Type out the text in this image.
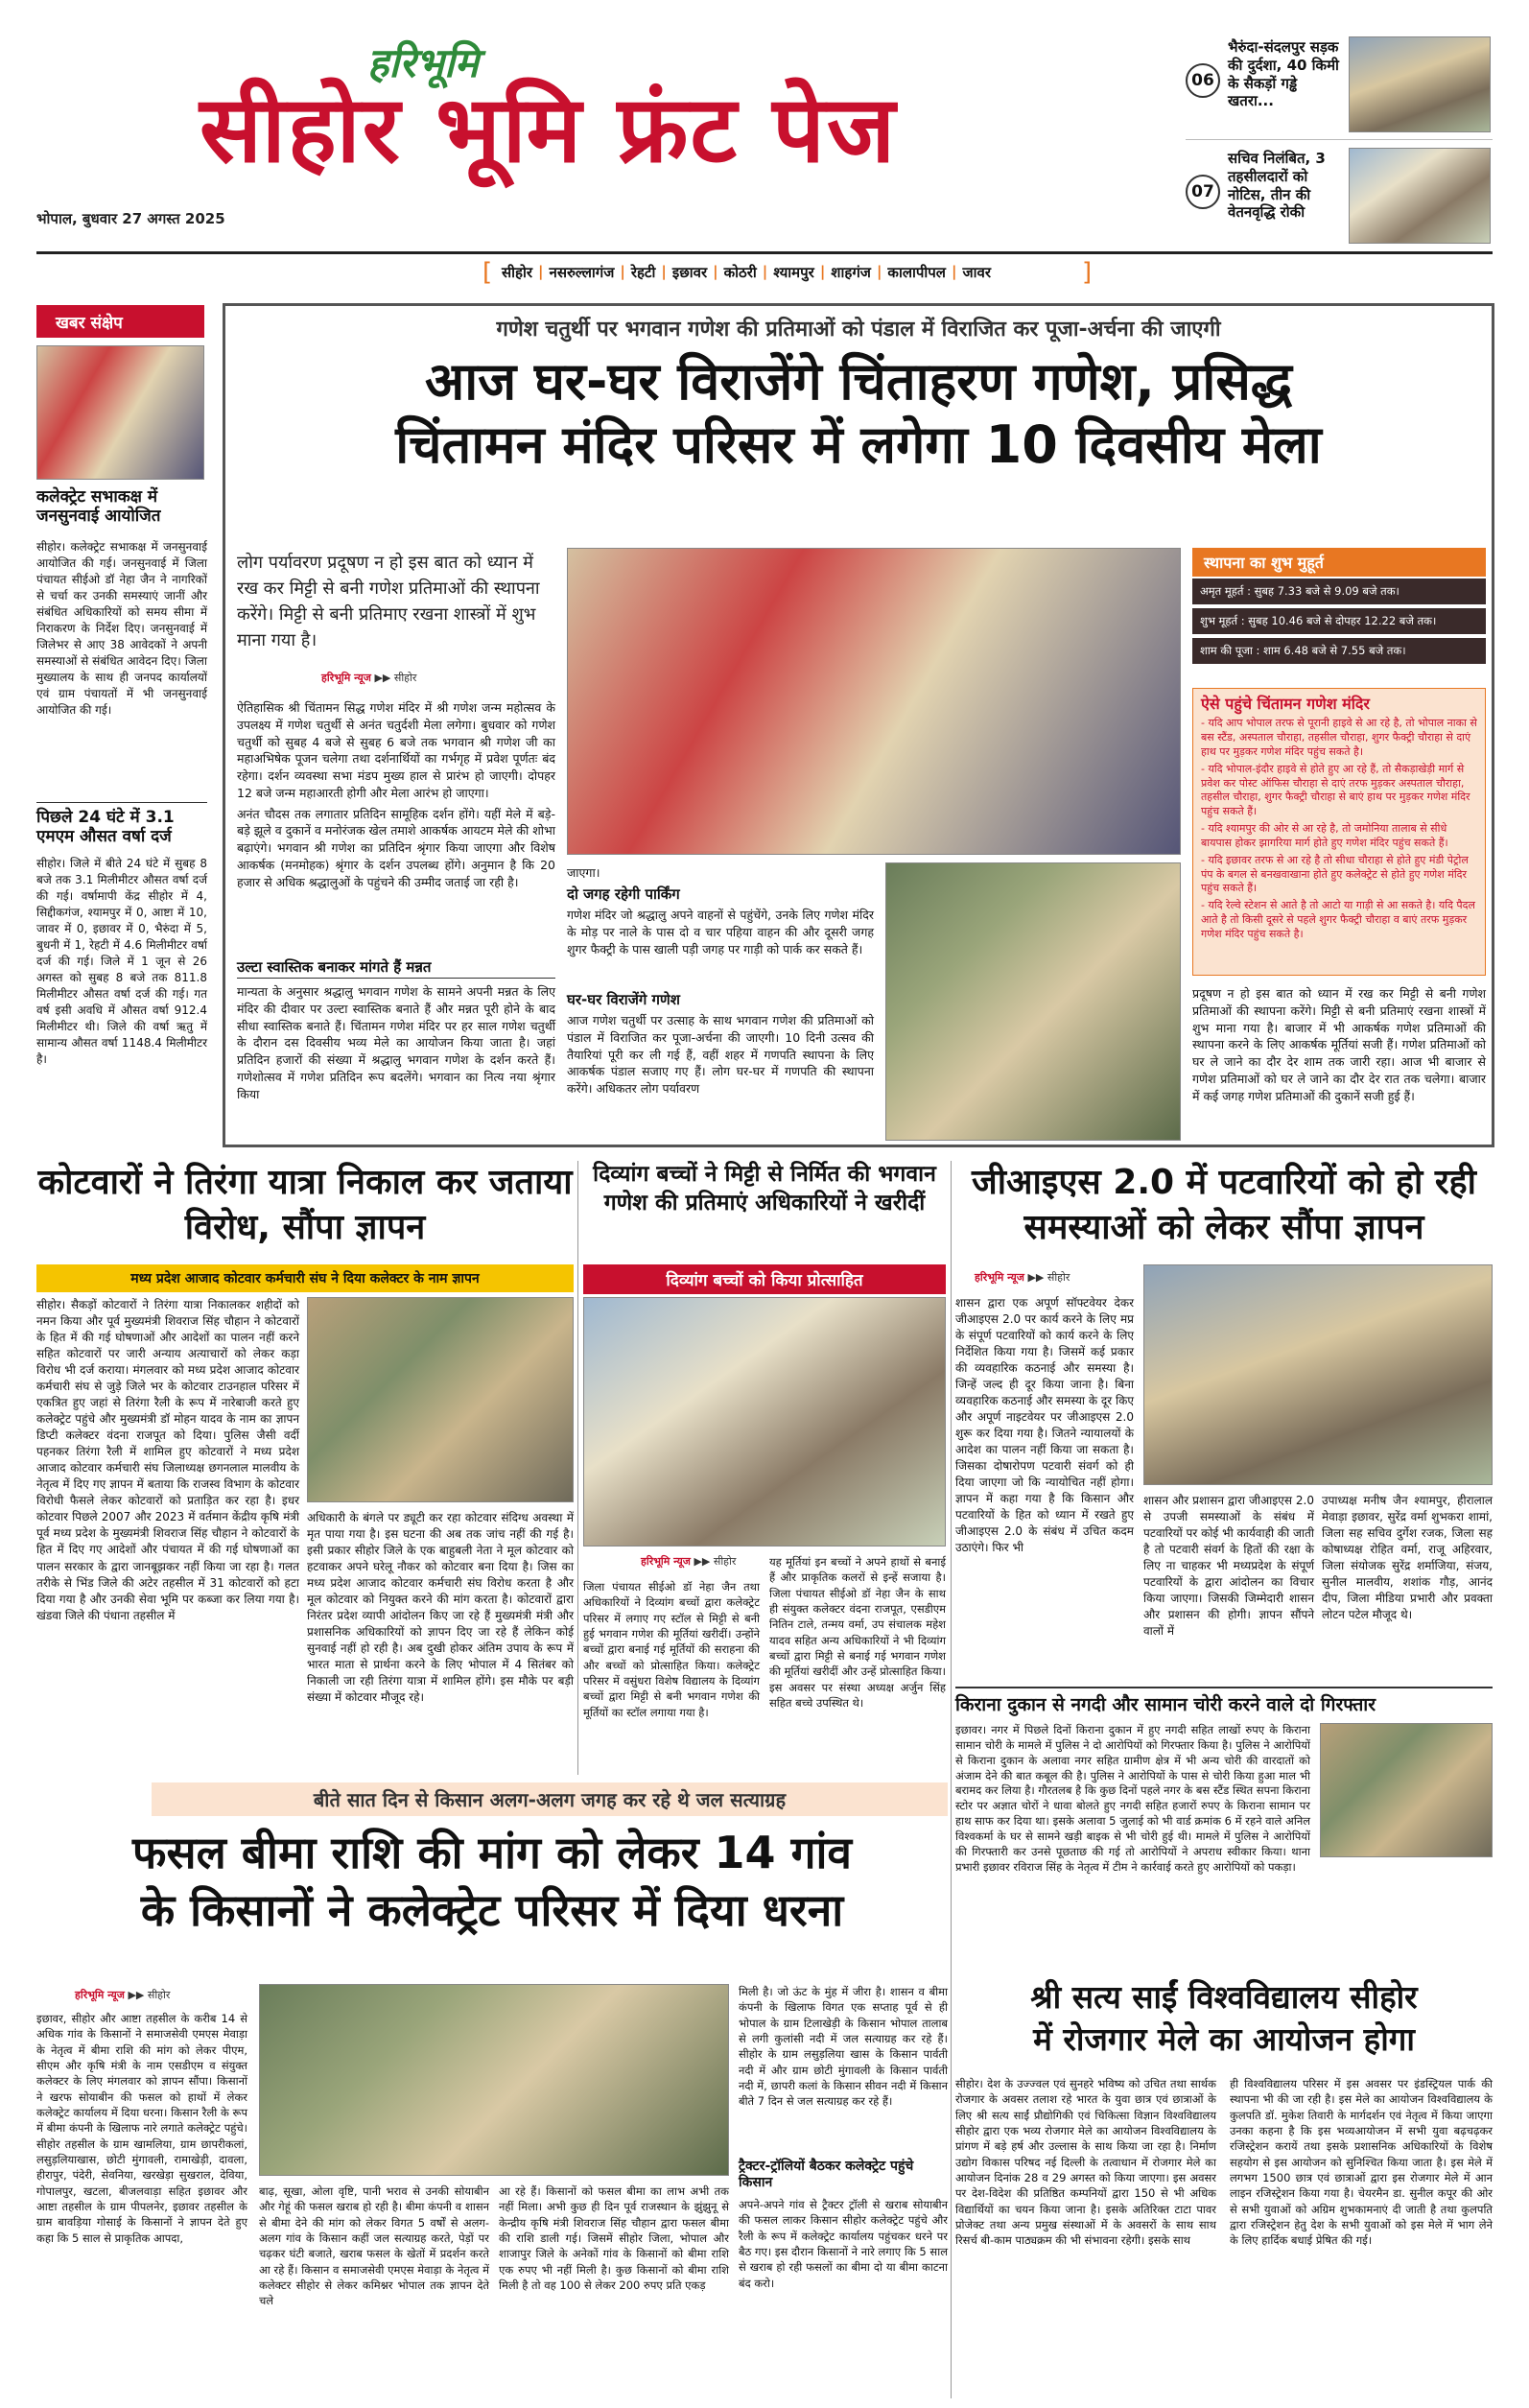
हरिभूमि
सीहोर भूमि फ्रंट पेज
भोपाल, बुधवार 27 अगस्त 2025
06
भैरुंदा-संदलपुर सड़क की दुर्दशा, 40 किमी के सैकड़ों गड्ढे खतरा...
07
सचिव निलंबित, 3 तहसीलदारों को नोटिस, तीन की वेतनवृद्धि रोकी
[ सीहोर | नसरुल्लागंज | रेहटी | इछावर | कोठरी | श्यामपुर | शाहगंज | कालापीपल | जावर	]
खबर संक्षेप
कलेक्ट्रेट सभाकक्ष में जनसुनवाई आयोजित
सीहोर। कलेक्ट्रेट सभाकक्ष में जनसुनवाई आयोजित की गई। जनसुनवाई में जिला पंचायत सीईओ डॉ नेहा जैन ने नागरिकों से चर्चा कर उनकी समस्याएं जानीं और संबंधित अधिकारियों को समय सीमा में निराकरण के निर्देश दिए। जनसुनवाई में जिलेभर से आए 38 आवेदकों ने अपनी समस्याओं से संबंधित आवेदन दिए। जिला मुख्यालय के साथ ही जनपद कार्यालयों एवं ग्राम पंचायतों में भी जनसुनवाई आयोजित की गई।
पिछले 24 घंटे में 3.1 एमएम औसत वर्षा दर्ज
सीहोर। जिले में बीते 24 घंटे में सुबह 8 बजे तक 3.1 मिलीमीटर औसत वर्षा दर्ज की गई। वर्षामापी केंद्र सीहोर में 4, सिद्दीकगंज, श्यामपुर में 0, आष्टा में 10, जावर में 0, इछावर में 0, भैरुंदा में 5, बुधनी में 1, रेहटी में 4.6 मिलीमीटर वर्षा दर्ज की गई। जिले में 1 जून से 26 अगस्त को सुबह 8 बजे तक 811.8 मिलीमीटर औसत वर्षा दर्ज की गई। गत वर्ष इसी अवधि में औसत वर्षा 912.4 मिलीमीटर थी। जिले की वर्षा ऋतु में सामान्य औसत वर्षा 1148.4 मिलीमीटर है।
गणेश चतुर्थी पर भगवान गणेश की प्रतिमाओं को पंडाल में विराजित कर पूजा-अर्चना की जाएगी
आज घर-घर विराजेंगे चिंताहरण गणेश, प्रसिद्ध
चिंतामन मंदिर परिसर में लगेगा 10 दिवसीय मेला
लोग पर्यावरण प्रदूषण न हो इस बात को ध्यान में रख कर मिट्टी से बनी गणेश प्रतिमाओं की स्थापना करेंगे। मिट्टी से बनी प्रतिमाए रखना शास्त्रों में शुभ माना गया है।
हरिभूमि न्यूज ▶▶ सीहोर

ऐतिहासिक श्री चिंतामन सिद्ध गणेश मंदिर में श्री गणेश जन्म महोत्सव के उपलक्ष्य में गणेश चतुर्थी से अनंत चतुर्दशी मेला लगेगा। बुधवार को गणेश चतुर्थी को सुबह 4 बजे से सुबह 6 बजे तक भगवान श्री गणेश जी का महाअभिषेक पूजन चलेगा तथा दर्शनार्थियों का गर्भगृह में प्रवेश पूर्णतः बंद रहेगा। दर्शन व्यवस्था सभा मंडप मुख्य हाल से प्रारंभ हो जाएगी। दोपहर 12 बजे जन्म महाआरती होगी और मेला आरंभ हो जाएगा।

अनंत चौदस तक लगातार प्रतिदिन सामूहिक दर्शन होंगे। यहीं मेले में बड़े-बड़े झूले व दुकानें व मनोरंजक खेल तमाशे आकर्षक आयटम मेले की शोभा बढ़ाएंगे। भगवान श्री गणेश का प्रतिदिन श्रृंगार किया जाएगा और विशेष आकर्षक (मनमोहक) श्रृंगार के दर्शन उपलब्ध होंगे। अनुमान है कि 20 हजार से अधिक श्रद्धालुओं के पहुंचने की उम्मीद जताई जा रही है।

उल्टा स्वास्तिक बनाकर मांगते हैं मन्नत
मान्यता के अनुसार श्रद्धालु भगवान गणेश के सामने अपनी मन्नत के लिए मंदिर की दीवार पर उल्टा स्वास्तिक बनाते हैं और मन्नत पूरी होने के बाद सीधा स्वास्तिक बनाते हैं। चिंतामन गणेश मंदिर पर हर साल गणेश चतुर्थी के दौरान दस दिवसीय भव्य मेले का आयोजन किया जाता है। जहां प्रतिदिन हजारों की संख्या में श्रद्धालु भगवान गणेश के दर्शन करते हैं। गणेशोत्सव में गणेश प्रतिदिन रूप बदलेंगे। भगवान का नित्य नया श्रृंगार किया
जाएगा।
दो जगह रहेगी पार्किंग
गणेश मंदिर जो श्रद्धालु अपने वाहनों से पहुंचेंगे, उनके लिए गणेश मंदिर के मोड़ पर नाले के पास दो व चार पहिया वाहन की और दूसरी जगह शुगर फैक्ट्री के पास खाली पड़ी जगह पर गाड़ी को पार्क कर सकते हैं।
घर-घर विराजेंगे गणेश
आज गणेश चतुर्थी पर उत्साह के साथ भगवान गणेश की प्रतिमाओं को पंडाल में विराजित कर पूजा-अर्चना की जाएगी। 10 दिनी उत्सव की तैयारियां पूरी कर ली गई हैं, वहीं शहर में गणपति स्थापना के लिए आकर्षक पंडाल सजाए गए हैं। लोग घर-घर में गणपति की स्थापना करेंगे। अधिकतर लोग पर्यावरण
स्थापना का शुभ मुहूर्त
अमृत मूहर्त : सुबह 7.33 बजे से 9.09 बजे तक।
शुभ मूहर्त : सुबह 10.46 बजे से दोपहर 12.22 बजे तक।
शाम की पूजा : शाम 6.48 बजे से 7.55 बजे तक।
ऐसे पहुंचे चिंतामन गणेश मंदिर
- यदि आप भोपाल तरफ से पूरानी हाइवे से आ रहे है, तो भोपाल नाका से बस स्टैंड, अस्पताल चौराहा, तहसील चौराहा, शुगर फैक्ट्री चौराहा से दाएं हाथ पर मुड़कर गणेश मंदिर पहुंच सकते है।
- यदि भोपाल-इंदौर हाइवे से होते हुए आ रहे हैं, तो सैकड़ाखेड़ी मार्ग से प्रवेश कर पोस्ट ऑफिस चौराहा से दाएं तरफ मुड़कर अस्पताल चौराहा, तहसील चौराहा, शुगर फैक्ट्री चौराहा से बाएं हाथ पर मुड़कर गणेश मंदिर पहुंच सकते हैं।
- यदि श्यामपुर की ओर से आ रहे है, तो जमोनिया तालाब से सीधे बायपास होकर झागरिया मार्ग होते हुए गणेश मंदिर पहुंच सकते हैं।
- यदि इछावर तरफ से आ रहे है तो सीधा चौराहा से होते हुए मंडी पेट्रोल पंप के बगल से बनखवाखाना होते हुए कलेक्ट्रेट से होते हुए गणेश मंदिर पहुंच सकते हैं।
- यदि रेल्वे स्टेशन से आते है तो आटो या गाड़ी से आ सकते है। यदि पैदल आते है तो किसी दूसरे से पहले शुगर फैक्ट्री चौराहा व बाएं तरफ मुड़कर गणेश मंदिर पहुंच सकते है।
प्रदूषण न हो इस बात को ध्यान में रख कर मिट्टी से बनी गणेश प्रतिमाओं की स्थापना करेंगे। मिट्टी से बनी प्रतिमाएं रखना शास्त्रों में शुभ माना गया है। बाजार में भी आकर्षक गणेश प्रतिमाओं की स्थापना करने के लिए आकर्षक मूर्तियां सजी हैं। गणेश प्रतिमाओं को घर ले जाने का दौर देर शाम तक जारी रहा। आज भी बाजार से गणेश प्रतिमाओं को घर ले जाने का दौर देर रात तक चलेगा। बाजार में कई जगह गणेश प्रतिमाओं की दुकानें सजी हुई हैं।
कोटवारों ने तिरंगा यात्रा निकाल कर जताया विरोध, सौंपा ज्ञापन
मध्य प्रदेश आजाद कोटवार कर्मचारी संघ ने दिया कलेक्टर के नाम ज्ञापन
सीहोर। सैकड़ों कोटवारों ने तिरंगा यात्रा निकालकर शहीदों को नमन किया और पूर्व मुख्यमंत्री शिवराज सिंह चौहान ने कोटवारों के हित में की गई घोषणाओं और आदेशों का पालन नहीं करने सहित कोटवारों पर जारी अन्याय अत्याचारों को लेकर कड़ा विरोध भी दर्ज कराया। मंगलवार को मध्य प्रदेश आजाद कोटवार कर्मचारी संघ से जुड़े जिले भर के कोटवार टाउनहाल परिसर में एकत्रित हुए जहां से तिरंगा रैली के रूप में नारेबाजी करते हुए कलेक्ट्रेट पहुंचे और मुख्यमंत्री डॉ मोहन यादव के नाम का ज्ञापन डिप्टी कलेक्टर वंदना राजपूत को दिया। पुलिस जैसी वर्दी पहनकर तिरंगा रैली में शामिल हुए कोटवारों ने मध्य प्रदेश आजाद कोटवार कर्मचारी संघ जिलाध्यक्ष छगनलाल मालवीय के नेतृत्व में दिए गए ज्ञापन में बताया कि राजस्व विभाग के कोटवार विरोधी फैसले लेकर कोटवारों को प्रताड़ित कर रहा है। इधर कोटवार पिछले 2007 और 2023 में वर्तमान केंद्रीय कृषि मंत्री पूर्व मध्य प्रदेश के मुख्यमंत्री शिवराज सिंह चौहान ने कोटवारों के हित में दिए गए आदेशों और पंचायत में की गई घोषणाओं का पालन सरकार के द्वारा जानबूझकर नहीं किया जा रहा है। गलत तरीके से भिंड जिले की अटेर तहसील में 31 कोटवारों को हटा दिया गया है और उनकी सेवा भूमि पर कब्जा कर लिया गया है। खंडवा जिले की पंधाना तहसील में
अधिकारी के बंगले पर ड्यूटी कर रहा कोटवार संदिग्ध अवस्था में मृत पाया गया है। इस घटना की अब तक जांच नहीं की गई है। इसी प्रकार सीहोर जिले के एक बाहुबली नेता ने मूल कोटवार को हटवाकर अपने घरेलू नौकर को कोटवार बना दिया है। जिस का मध्य प्रदेश आजाद कोटवार कर्मचारी संघ विरोध करता है और मूल कोटवार को नियुक्त करने की मांग करता है। कोटवारों द्वारा निरंतर प्रदेश व्यापी आंदोलन किए जा रहे हैं मुख्यमंत्री मंत्री और प्रशासनिक अधिकारियों को ज्ञापन दिए जा रहे हैं लेकिन कोई सुनवाई नहीं हो रही है। अब दुखी होकर अंतिम उपाय के रूप में भारत माता से प्रार्थना करने के लिए भोपाल में 4 सितंबर को निकाली जा रही तिरंगा यात्रा में शामिल होंगे। इस मौके पर बड़ी संख्या में कोटवार मौजूद रहे।
दिव्यांग बच्चों ने मिट्टी से निर्मित की भगवान गणेश की प्रतिमाएं अधिकारियों ने खरीदीं
दिव्यांग बच्चों को किया प्रोत्साहित
हरिभूमि न्यूज ▶▶ सीहोर
जिला पंचायत सीईओ डॉ नेहा जैन तथा अधिकारियों ने दिव्यांग बच्चों द्वारा कलेक्ट्रेट परिसर में लगाए गए स्टॉल से मिट्टी से बनी हुई भगवान गणेश की मूर्तियां खरीदीं। उन्होंने बच्चों द्वारा बनाई गई मूर्तियों की सराहना की और बच्चों को प्रोत्साहित किया। कलेक्ट्रेट परिसर में वसुंधरा विशेष विद्यालय के दिव्यांग बच्चों द्वारा मिट्टी से बनी भगवान गणेश की मूर्तियों का स्टॉल लगाया गया है।
यह मूर्तियां इन बच्चों ने अपने हाथों से बनाई हैं और प्राकृतिक कलरों से इन्हें सजाया है। जिला पंचायत सीईओ डॉ नेहा जैन के साथ ही संयुक्त कलेक्टर वंदना राजपूत, एसडीएम नितिन टाले, तन्मय वर्मा, उप संचालक महेश यादव सहित अन्य अधिकारियों ने भी दिव्यांग बच्चों द्वारा मिट्टी से बनाई गई भगवान गणेश की मूर्तियां खरीदीं और उन्हें प्रोत्साहित किया। इस अवसर पर संस्था अध्यक्ष अर्जुन सिंह सहित बच्चे उपस्थित थे।
जीआइएस 2.0 में पटवारियों को हो रही समस्याओं को लेकर सौंपा ज्ञापन
हरिभूमि न्यूज ▶▶ सीहोर
शासन द्वारा एक अपूर्ण सॉफ्टवेयर देकर जीआइएस 2.0 पर कार्य करने के लिए मप्र के संपूर्ण पटवारियों को कार्य करने के लिए निर्देशित किया गया है। जिसमें कई प्रकार की व्यवहारिक कठनाई और समस्या है। जिन्हें जल्द ही दूर किया जाना है। बिना व्यवहारिक कठनाई और समस्या के दूर किए और अपूर्ण नाइटवेयर पर जीआइएस 2.0 शुरू कर दिया गया है। जितने न्यायालयों के आदेश का पालन नहीं किया जा सकता है। जिसका दोषारोपण पटवारी संवर्ग को ही दिया जाएगा जो कि न्यायोचित नहीं होगा। ज्ञापन में कहा गया है कि किसान और पटवारियों के हित को ध्यान में रखते हुए जीआइएस 2.0 के संबंध में उचित कदम उठाएंगे। फिर भी
शासन और प्रशासन द्वारा जीआइएस 2.0 से उपजी समस्याओं के संबंध में पटवारियों पर कोई भी कार्यवाही की जाती है तो पटवारी संवर्ग के हितों की रक्षा के लिए ना चाहकर भी मध्यप्रदेश के संपूर्ण पटवारियों के द्वारा आंदोलन का विचार किया जाएगा। जिसकी जिम्मेदारी शासन और प्रशासन की होगी। ज्ञापन सौंपने वालों में
उपाध्यक्ष मनीष जैन श्यामपुर, हीरालाल मेवाड़ा इछावर, सुरेंद्र वर्मा शुभकरा शामां, जिला सह सचिव दुर्गेश रजक, जिला सह कोषाध्यक्ष रोहित वर्मा, राजू अहिरवार, जिला संयोजक सुरेंद्र शर्माजिया, संजय, सुनील मालवीय, शशांक गौड़, आनंद दीप, जिला मीडिया प्रभारी और प्रवक्ता लोटन पटेल मौजूद थे।
किराना दुकान से नगदी और सामान चोरी करने वाले दो गिरफ्तार
इछावर। नगर में पिछले दिनों किराना दुकान में हुए नगदी सहित लाखों रुपए के किराना सामान चोरी के मामले में पुलिस ने दो आरोपियों को गिरफ्तार किया है। पुलिस ने आरोपियों से किराना दुकान के अलावा नगर सहित ग्रामीण क्षेत्र में भी अन्य चोरी की वारदातों को अंजाम देने की बात कबूल की है। पुलिस ने आरोपियों के पास से चोरी किया हुआ माल भी बरामद कर लिया है। गौरतलब है कि कुछ दिनों पहले नगर के बस स्टैंड स्थित सपना किराना स्टोर पर अज्ञात चोरों ने धावा बोलते हुए नगदी सहित हजारों रुपए के किराना सामान पर हाथ साफ कर दिया था। इसके अलावा 5 जुलाई को भी वार्ड क्रमांक 6 में रहने वाले अनिल विश्वकर्मा के घर से सामने खड़ी बाइक से भी चोरी हुई थी। मामले में पुलिस ने आरोपियों की गिरफ्तारी कर उनसे पूछताछ की गई तो आरोपियों ने अपराध स्वीकार किया। थाना प्रभारी इछावर रविराज सिंह के नेतृत्व में टीम ने कार्रवाई करते हुए आरोपियों को पकड़ा।
बीते सात दिन से किसान अलग-अलग जगह कर रहे थे जल सत्याग्रह
फसल बीमा राशि की मांग को लेकर 14 गांव
के किसानों ने कलेक्ट्रेट परिसर में दिया धरना
हरिभूमि न्यूज ▶▶ सीहोर
इछावर, सीहोर और आष्टा तहसील के करीब 14 से अधिक गांव के किसानों ने समाजसेवी एमएस मेवाड़ा के नेतृत्व में बीमा राशि की मांग को लेकर पीएम, सीएम और कृषि मंत्री के नाम एसडीएम व संयुक्त कलेक्टर के लिए मंगलवार को ज्ञापन सौंपा। किसानों ने खरफ सोयाबीन की फसल को हाथों में लेकर कलेक्ट्रेट कार्यालय में दिया धरना। किसान रैली के रूप में बीमा कंपनी के खिलाफ नारे लगाते कलेक्ट्रेट पहुंचे। सीहोर तहसील के ग्राम खामलिया, ग्राम छापरीकलां, लसुड़लियाखास, छोटी मुंगावली, रामाखेड़ी, दावला, हीरापुर, पंदेरी, सेवनिया, खरखेड़ा सुखराल, देविया, गोपालपुर, खटला, बीजलवाड़ा सहित इछावर और आष्टा तहसील के ग्राम पीपलनेर, इछावर तहसील के ग्राम बावड़िया गोसाई के किसानों ने ज्ञापन देते हुए कहा कि 5 साल से प्राकृतिक आपदा,
बाढ़, सूखा, ओला वृष्टि, पानी भराव से उनकी सोयाबीन और गेहूं की फसल खराब हो रही है। बीमा कंपनी व शासन से बीमा देने की मांग को लेकर विगत 5 वर्षों से अलग-अलग गांव के किसान कहीं जल सत्याग्रह करते, पेड़ों पर चढ़कर घंटी बजाते, खराब फसल के खेतों में प्रदर्शन करते आ रहे हैं। किसान व समाजसेवी एमएस मेवाड़ा के नेतृत्व में कलेक्टर सीहोर से लेकर कमिश्नर भोपाल तक ज्ञापन देते चले
आ रहे हैं। किसानों को फसल बीमा का लाभ अभी तक नहीं मिला। अभी कुछ ही दिन पूर्व राजस्थान के झुंझुनू से केन्द्रीय कृषि मंत्री शिवराज सिंह चौहान द्वारा फसल बीमा की राशि डाली गई। जिसमें सीहोर जिला, भोपाल और शाजापुर जिले के अनेकों गांव के किसानों को बीमा राशि एक रुपए भी नहीं मिली है। कुछ किसानों को बीमा राशि मिली है तो वह 100 से लेकर 200 रुपए प्रति एकड़
मिली है। जो ऊंट के मुंह में जीरा है। शासन व बीमा कंपनी के खिलाफ विगत एक सप्ताह पूर्व से ही भोपाल के ग्राम टिलाखेड़ी के किसान भोपाल तालाब से लगी कुलांसी नदी में जल सत्याग्रह कर रहे हैं। सीहोर के ग्राम लसुड़लिया खास के किसान पार्वती नदी में और ग्राम छोटी मुंगावली के किसान पार्वती नदी में, छापरी कलां के किसान सीवन नदी में किसान बीते 7 दिन से जल सत्याग्रह कर रहे हैं।
ट्रैक्टर-ट्रॉलियों बैठकर कलेक्ट्रेट पहुंचे किसान
अपने-अपने गांव से ट्रैक्टर ट्रॉली से खराब सोयाबीन की फसल लाकर किसान सीहोर कलेक्ट्रेट पहुंचे और रैली के रूप में कलेक्ट्रेट कार्यालय पहुंचकर धरने पर बैठ गए। इस दौरान किसानों ने नारे लगाए कि 5 साल से खराब हो रही फसलों का बीमा दो या बीमा काटना बंद करो।
श्री सत्य साईं विश्वविद्यालय सीहोर
में रोजगार मेले का आयोजन होगा
सीहोर। देश के उज्ज्वल एवं सुनहरे भविष्य को उचित तथा सार्थक रोजगार के अवसर तलाश रहे भारत के युवा छात्र एवं छात्राओं के लिए श्री सत्य साईं प्रौद्योगिकी एवं चिकित्सा विज्ञान विश्वविद्यालय सीहोर द्वारा एक भव्य रोजगार मेले का आयोजन विश्वविद्यालय के प्रांगण में बड़े हर्ष और उल्लास के साथ किया जा रहा है। निर्माण उद्योग विकास परिषद नई दिल्ली के तत्वाधान में रोजगार मेले का आयोजन दिनांक 28 व 29 अगस्त को किया जाएगा। इस अवसर पर देश-विदेश की प्रतिष्ठित कम्पनियों द्वारा 150 से भी अधिक विद्यार्थियों का चयन किया जाना है। इसके अतिरिक्त टाटा पावर प्रोजेक्ट तथा अन्य प्रमुख संस्थाओं में के अवसरों के साथ साथ रिसर्च बी-काम पाठ्यक्रम की भी संभावना रहेगी। इसके साथ
ही विश्वविद्यालय परिसर में इस अवसर पर इंडस्ट्रियल पार्क की स्थापना भी की जा रही है। इस मेले का आयोजन विश्वविद्यालय के कुलपति डॉ. मुकेश तिवारी के मार्गदर्शन एवं नेतृत्व में किया जाएगा उनका कहना है कि इस भव्यआयोजन में सभी युवा बढ़चढ़कर रजिस्ट्रेशन करायें तथा इसके प्रशासनिक अधिकारियों के विशेष सहयोग से इस आयोजन को सुनिश्चित किया जाता है। इस मेले में लगभग 1500 छात्र एवं छात्राओं द्वारा इस रोजगार मेले में आन लाइन रजिस्ट्रेशन किया गया है। चेयरमैन डा. सुनील कपूर की ओर से सभी युवाओं को अग्रिम शुभकामनाएं दी जाती है तथा कुलपति द्वारा रजिस्ट्रेशन हेतु देश के सभी युवाओं को इस मेले में भाग लेने के लिए हार्दिक बधाई प्रेषित की गई।
